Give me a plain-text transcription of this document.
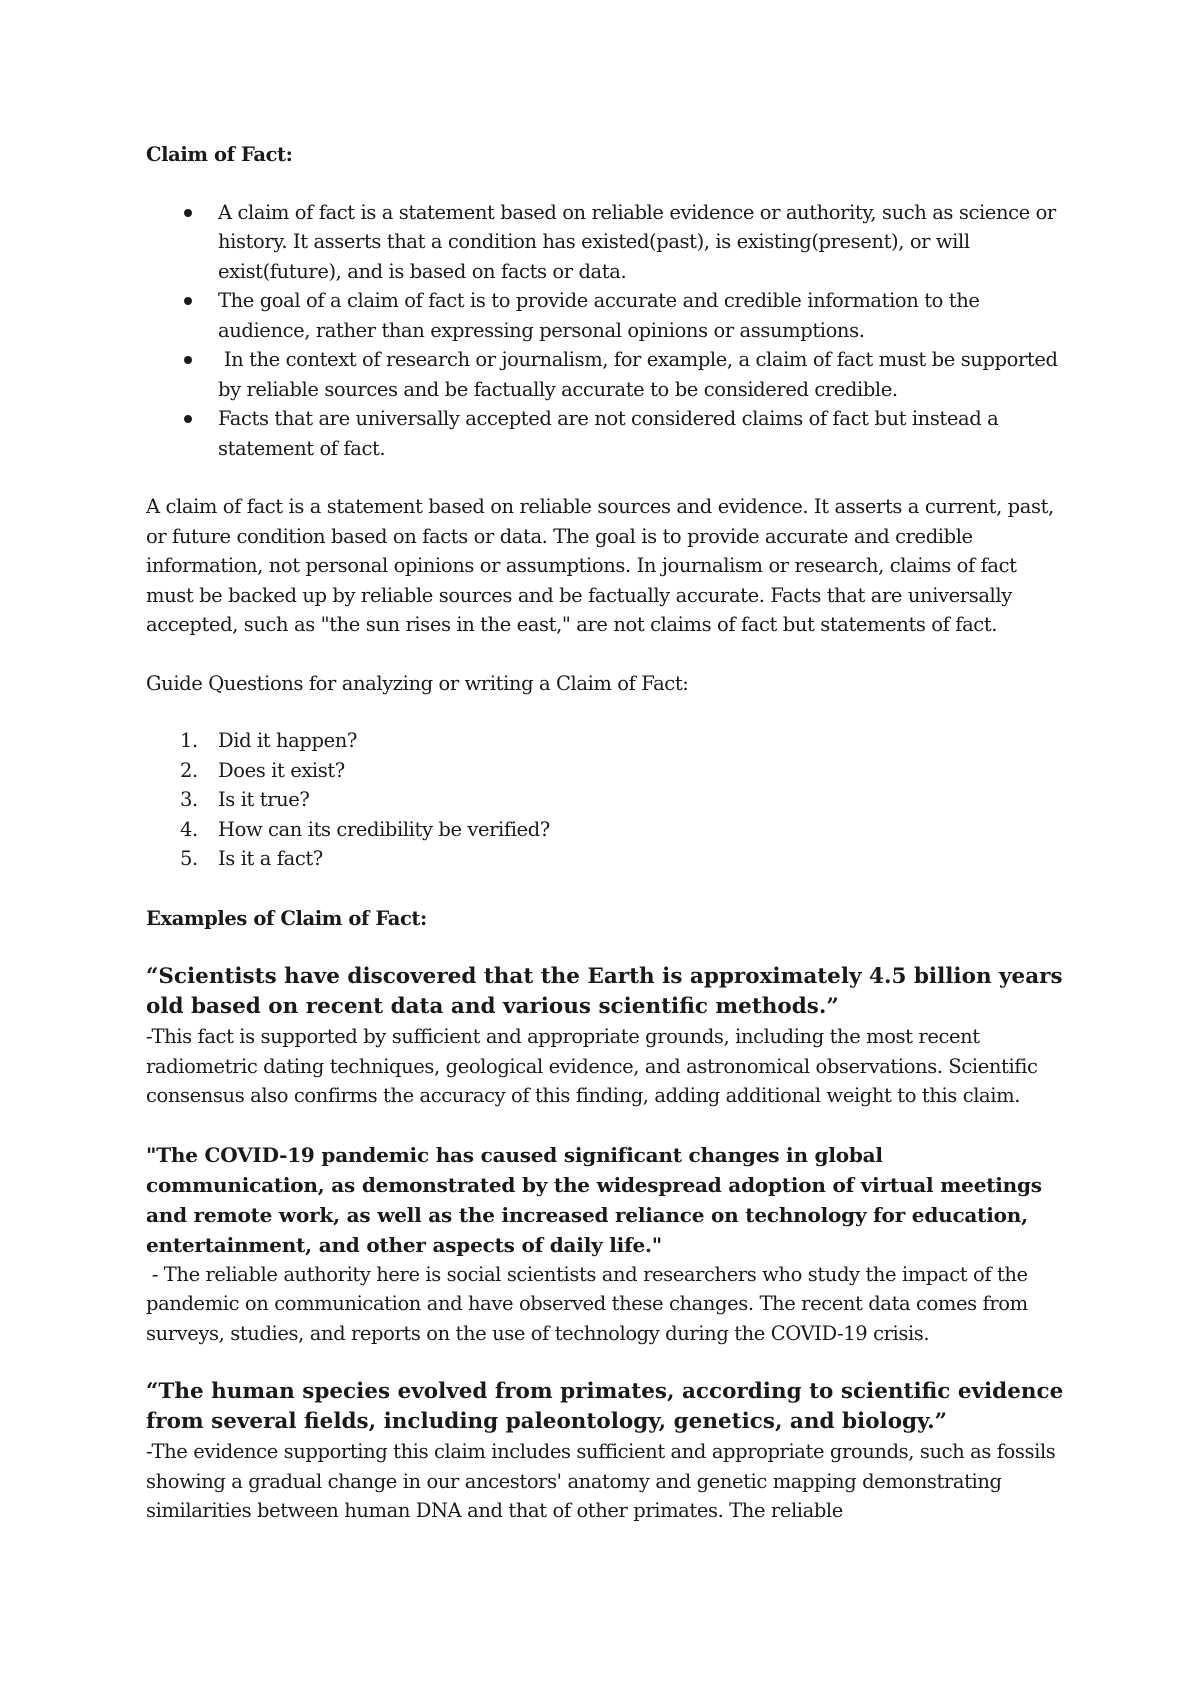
Claim of Fact:

A claim of fact is a statement based on reliable evidence or authority, such as science or history. It asserts that a condition has existed(past), is existing(present), or will exist(future), and is based on facts or data.
The goal of a claim of fact is to provide accurate and credible information to the audience, rather than expressing personal opinions or assumptions.
In the context of research or journalism, for example, a claim of fact must be supported by reliable sources and be factually accurate to be considered credible.
Facts that are universally accepted are not considered claims of fact but instead a statement of fact.

A claim of fact is a statement based on reliable sources and evidence. It asserts a current, past, or future condition based on facts or data. The goal is to provide accurate and credible information, not personal opinions or assumptions. In journalism or research, claims of fact must be backed up by reliable sources and be factually accurate. Facts that are universally accepted, such as "the sun rises in the east," are not claims of fact but statements of fact.

Guide Questions for analyzing or writing a Claim of Fact:

1. Did it happen?
2. Does it exist?
3. Is it true?
4. How can its credibility be verified?
5. Is it a fact?

Examples of Claim of Fact:

“Scientists have discovered that the Earth is approximately 4.5 billion years old based on recent data and various scientific methods.”

-This fact is supported by sufficient and appropriate grounds, including the most recent radiometric dating techniques, geological evidence, and astronomical observations. Scientific consensus also confirms the accuracy of this finding, adding additional weight to this claim.

"The COVID-19 pandemic has caused significant changes in global communication, as demonstrated by the widespread adoption of virtual meetings and remote work, as well as the increased reliance on technology for education, entertainment, and other aspects of daily life."

- The reliable authority here is social scientists and researchers who study the impact of the pandemic on communication and have observed these changes. The recent data comes from surveys, studies, and reports on the use of technology during the COVID-19 crisis.

“The human species evolved from primates, according to scientific evidence from several fields, including paleontology, genetics, and biology.”

-The evidence supporting this claim includes sufficient and appropriate grounds, such as fossils showing a gradual change in our ancestors' anatomy and genetic mapping demonstrating similarities between human DNA and that of other primates. The reliable
